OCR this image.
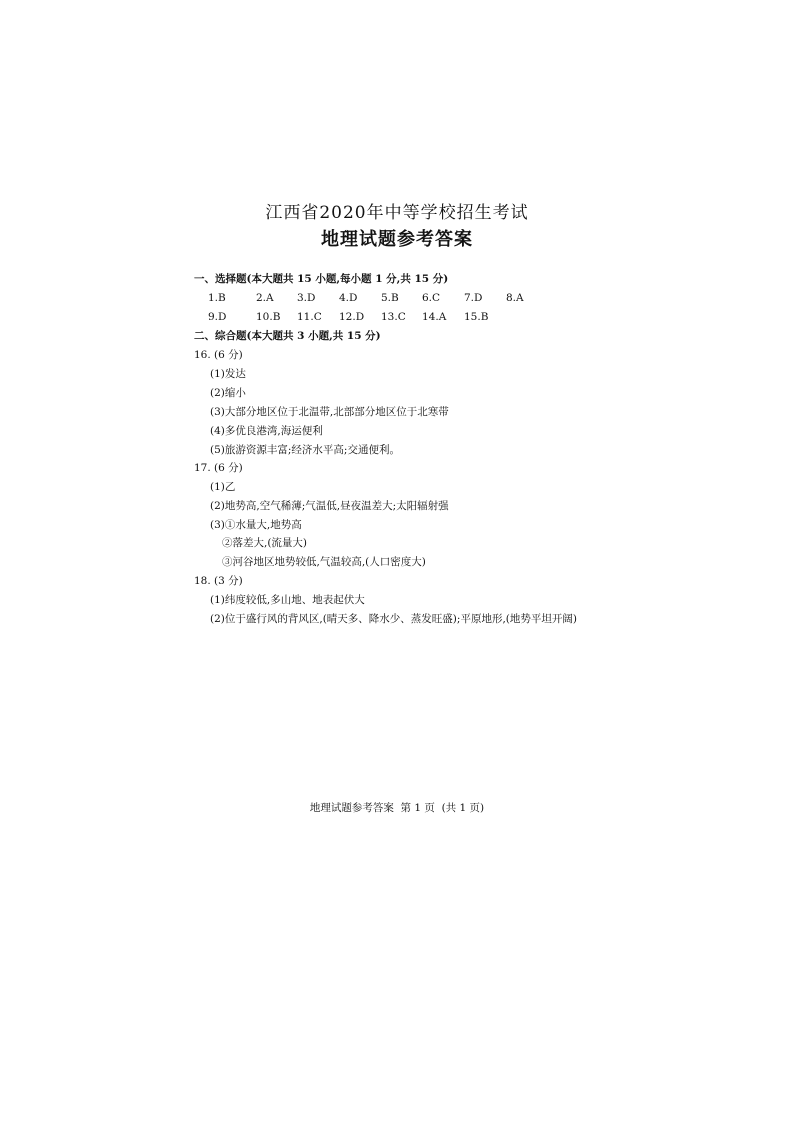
江西省2020年中等学校招生考试
地理试题参考答案
一、选择题(本大题共 15 小题,每小题 1 分,共 15 分)
1.B	2.A 3.D 4.D 5.B 6.C 7.D 8.A
9.D	10.B 11.C 12.D 13.C 14.A 15.B
二、综合题(本大题共 3 小题,共 15 分)
16. (6 分)
(1)发达
(2)缩小
(3)大部分地区位于北温带,北部部分地区位于北寒带
(4)多优良港湾,海运便利
(5)旅游资源丰富;经济水平高;交通便利。
17. (6 分)
(1)乙
(2)地势高,空气稀薄;气温低,昼夜温差大;太阳辐射强
(3)①水量大,地势高
②落差大,(流量大)
③河谷地区地势较低,气温较高,(人口密度大)
18. (3 分)
(1)纬度较低,多山地、地表起伏大
(2)位于盛行风的背风区,(晴天多、降水少、蒸发旺盛);平原地形,(地势平坦开阔)
地理试题参考答案  第 1 页  (共 1 页)
